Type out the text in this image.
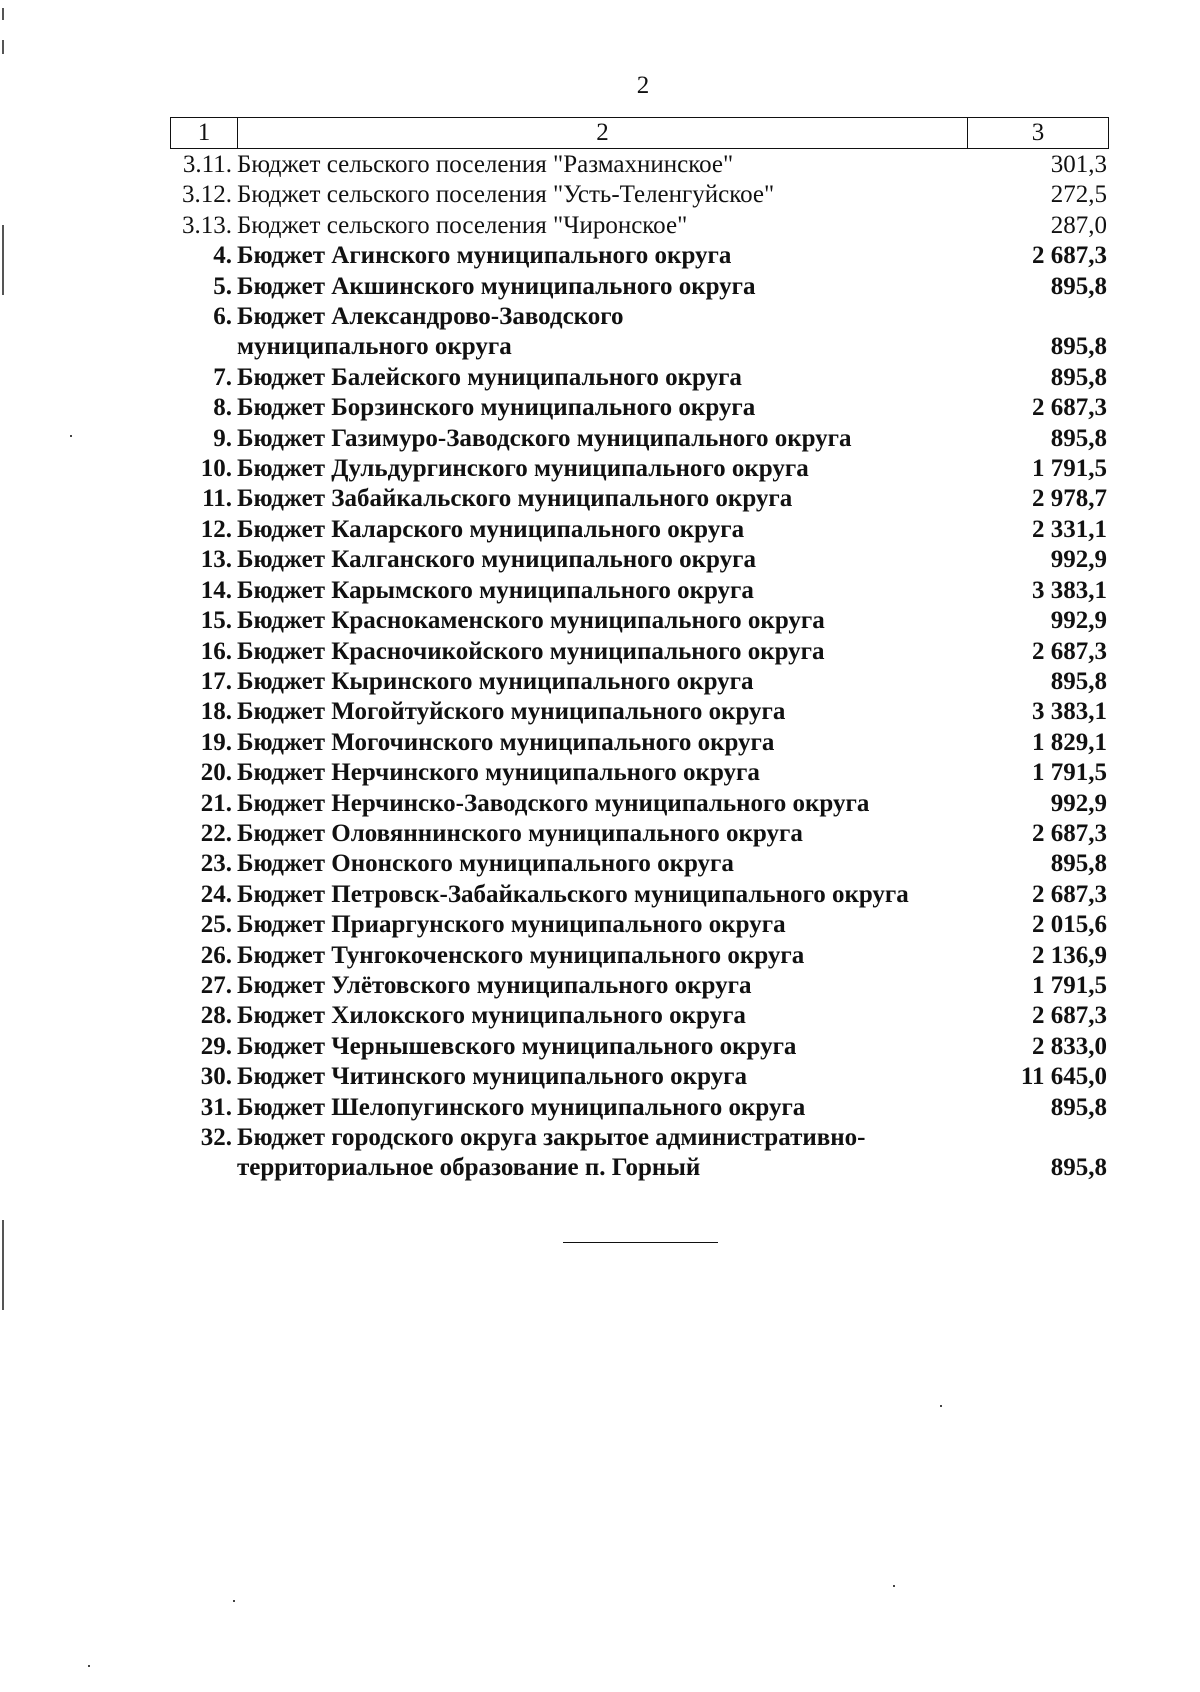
2
1	2	3
3.11. Бюджет сельского поселения "Размахнинское"	301,3
3.12. Бюджет сельского поселения "Усть-Теленгуйское"	272,5
3.13. Бюджет сельского поселения "Чиронское"	287,0
4. Бюджет Агинского муниципального округа	2 687,3
5. Бюджет Акшинского муниципального округа	895,8
6. Бюджет Александрово-Заводского
муниципального округа	895,8
7. Бюджет Балейского муниципального округа	895,8
8. Бюджет Борзинского муниципального округа	2 687,3
9. Бюджет Газимуро-Заводского муниципального округа	895,8
10. Бюджет Дульдургинского муниципального округа	1 791,5
11. Бюджет Забайкальского муниципального округа	2 978,7
12. Бюджет Каларского муниципального округа	2 331,1
13. Бюджет Калганского муниципального округа	992,9
14. Бюджет Карымского муниципального округа	3 383,1
15. Бюджет Краснокаменского муниципального округа	992,9
16. Бюджет Красночикойского муниципального округа	2 687,3
17. Бюджет Кыринского муниципального округа	895,8
18. Бюджет Могойтуйского муниципального округа	3 383,1
19. Бюджет Могочинского муниципального округа	1 829,1
20. Бюджет Нерчинского муниципального округа	1 791,5
21. Бюджет Нерчинско-Заводского муниципального округа	992,9
22. Бюджет Оловяннинского муниципального округа	2 687,3
23. Бюджет Ононского муниципального округа	895,8
24. Бюджет Петровск-Забайкальского муниципального округа	2 687,3
25. Бюджет Приаргунского муниципального округа	2 015,6
26. Бюджет Тунгокоченского муниципального округа	2 136,9
27. Бюджет Улётовского муниципального округа	1 791,5
28. Бюджет Хилокского муниципального округа	2 687,3
29. Бюджет Чернышевского муниципального округа	2 833,0
30. Бюджет Читинского муниципального округа	11 645,0
31. Бюджет Шелопугинского муниципального округа	895,8
32. Бюджет городского округа закрытое административно-
территориальное образование п. Горный	895,8
